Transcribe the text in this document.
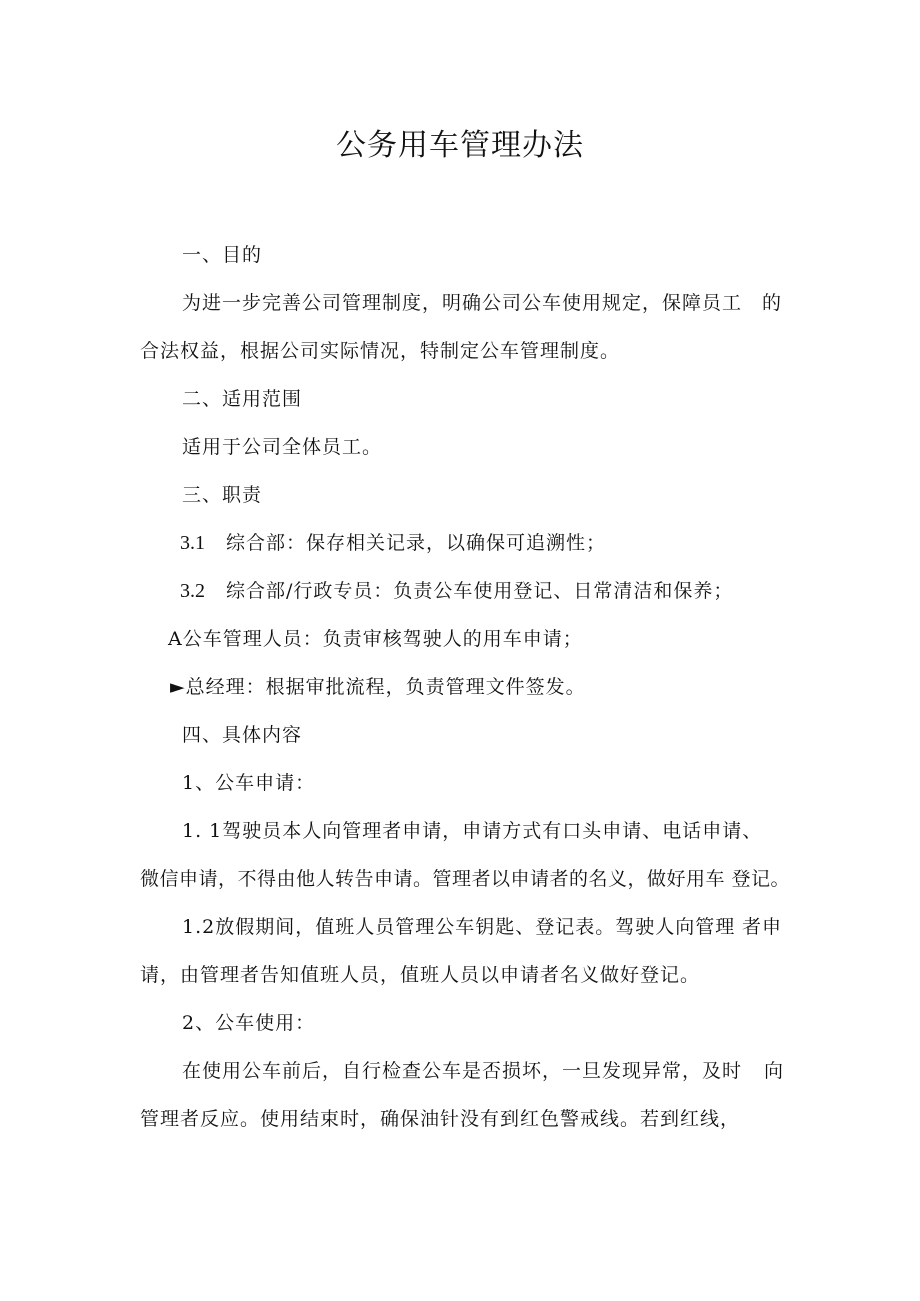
公务用车管理办法
一、目的
为进一步完善公司管理制度，明确公司公车使用规定，保障员工 的
合法权益，根据公司实际情况，特制定公车管理制度。
二、适用范围
适用于公司全体员工。
三、职责
3.1 综合部：保存相关记录，以确保可追溯性；
3.2 综合部/行政专员：负责公车使用登记、日常清洁和保养；
A公车管理人员：负责审核驾驶人的用车申请；
►总经理：根据审批流程，负责管理文件签发。
四、具体内容
1、公车申请：
1. 1驾驶员本人向管理者申请，申请方式有口头申请、电话申请、
微信申请，不得由他人转告申请。管理者以申请者的名义，做好用车 登记。
1.2放假期间，值班人员管理公车钥匙、登记表。驾驶人向管理 者申
请，由管理者告知值班人员，值班人员以申请者名义做好登记。
2、公车使用：
在使用公车前后，自行检查公车是否损坏，一旦发现异常，及时 向
管理者反应。使用结束时，确保油针没有到红色警戒线。若到红线，
